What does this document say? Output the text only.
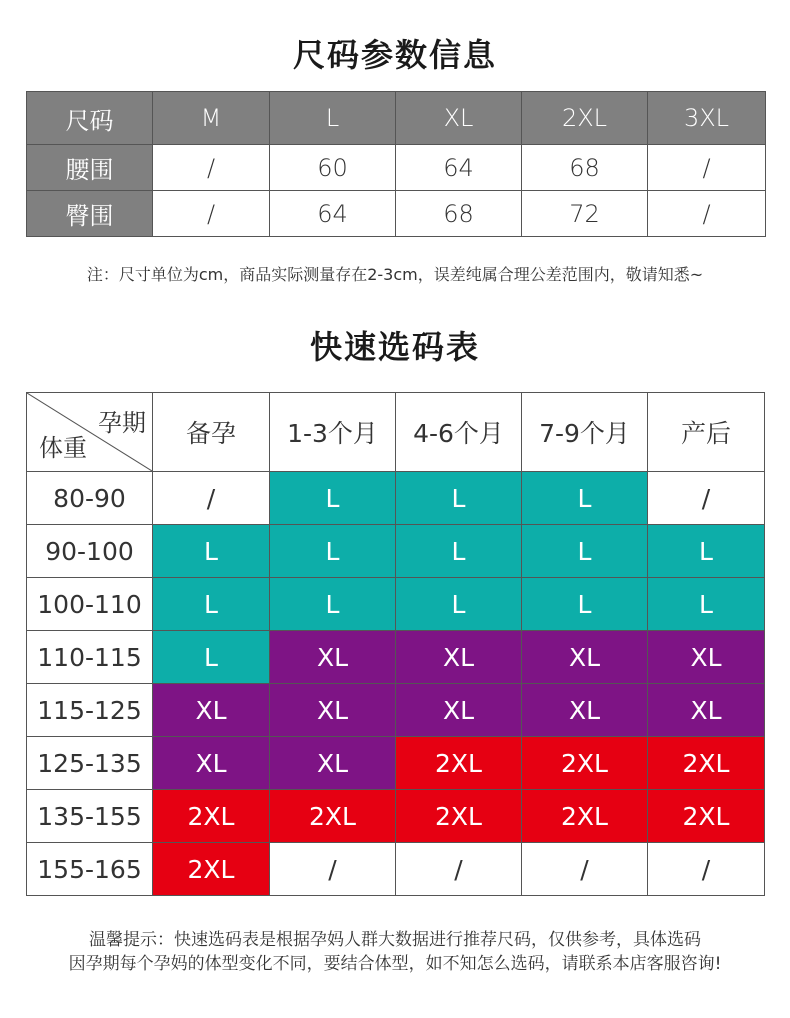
尺码参数信息
尺码	M	L	XL	2XL	3XL
腰围	/	60	64	68	/
臀围	/	64	68	72	/
注：尺寸单位为cm，商品实际测量存在2-3cm，误差纯属合理公差范围内，敬请知悉~
快速选码表
孕期
体重	备孕	1-3个月	4-6个月	7-9个月	产后
80-90	/	L	L	L	/
90-100	L	L	L	L	L
100-110	L	L	L	L	L
110-115	L	XL	XL	XL	XL
115-125	XL	XL	XL	XL	XL
125-135	XL	XL	2XL	2XL	2XL
135-155	2XL	2XL	2XL	2XL	2XL
155-165	2XL	/	/	/	/
温馨提示：快速选码表是根据孕妈人群大数据进行推荐尺码，仅供参考，具体选码
因孕期每个孕妈的体型变化不同，要结合体型，如不知怎么选码，请联系本店客服咨询!
